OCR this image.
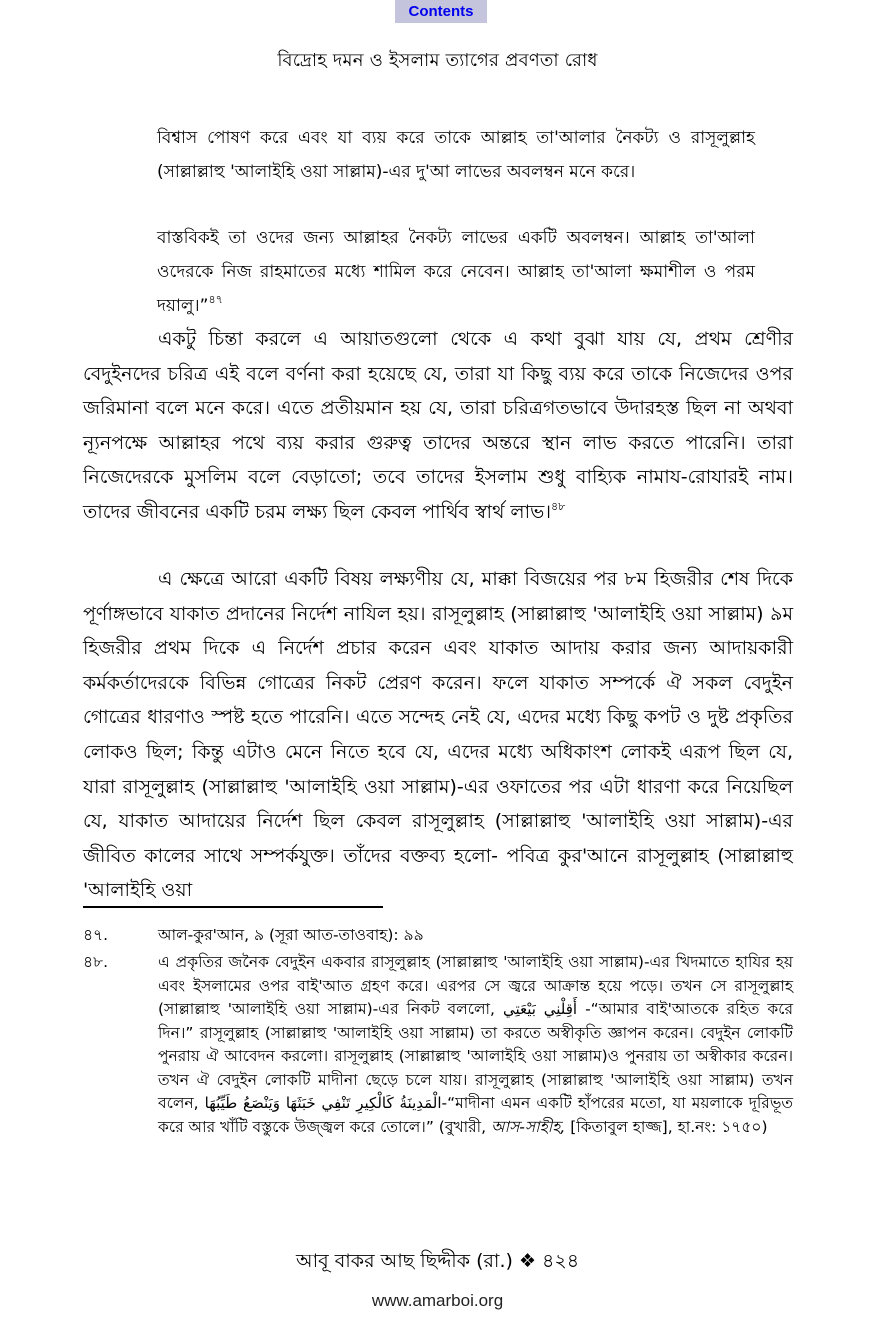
Contents
বিদ্রোহ দমন ও ইসলাম ত্যাগের প্রবণতা রোধ

বিশ্বাস পোষণ করে এবং যা ব্যয় করে তাকে আল্লাহ তা'আলার নৈকট্য ও রাসূলুল্লাহ (সাল্লাল্লাহু 'আলাইহি ওয়া সাল্লাম)-এর দু'আ লাভের অবলম্বন মনে করে।

বাস্তবিকই তা ওদের জন্য আল্লাহর নৈকট্য লাভের একটি অবলম্বন। আল্লাহ তা'আলা ওদেরকে নিজ রাহমাতের মধ্যে শামিল করে নেবেন। আল্লাহ তা'আলা ক্ষমাশীল ও পরম দয়ালু।”$^{৪৭}$

একটু চিন্তা করলে এ আয়াতগুলো থেকে এ কথা বুঝা যায় যে, প্রথম শ্রেণীর বেদুইনদের চরিত্র এই বলে বর্ণনা করা হয়েছে যে, তারা যা কিছু ব্যয় করে তাকে নিজেদের ওপর জরিমানা বলে মনে করে। এতে প্রতীয়মান হয় যে, তারা চরিত্রগতভাবে উদারহস্ত ছিল না অথবা ন্যূনপক্ষে আল্লাহর পথে ব্যয় করার গুরুত্ব তাদের অন্তরে স্থান লাভ করতে পারেনি। তারা নিজেদেরকে মুসলিম বলে বেড়াতো; তবে তাদের ইসলাম শুধু বাহ্যিক নামায-রোযারই নাম। তাদের জীবনের একটি চরম লক্ষ্য ছিল কেবল পার্থিব স্বার্থ লাভ।$^{৪৮}$

এ ক্ষেত্রে আরো একটি বিষয় লক্ষ্যণীয় যে, মাক্কা বিজয়ের পর ৮ম হিজরীর শেষ দিকে পূর্ণাঙ্গভাবে যাকাত প্রদানের নির্দেশ নাযিল হয়। রাসূলুল্লাহ (সাল্লাল্লাহু 'আলাইহি ওয়া সাল্লাম) ৯ম হিজরীর প্রথম দিকে এ নির্দেশ প্রচার করেন এবং যাকাত আদায় করার জন্য আদায়কারী কর্মকর্তাদেরকে বিভিন্ন গোত্রের নিকট প্রেরণ করেন। ফলে যাকাত সম্পর্কে ঐ সকল বেদুইন গোত্রের ধারণাও স্পষ্ট হতে পারেনি। এতে সন্দেহ নেই যে, এদের মধ্যে কিছু কপট ও দুষ্ট প্রকৃতির লোকও ছিল; কিন্তু এটাও মেনে নিতে হবে যে, এদের মধ্যে অধিকাংশ লোকই এরূপ ছিল যে, যারা রাসূলুল্লাহ (সাল্লাল্লাহু 'আলাইহি ওয়া সাল্লাম)-এর ওফাতের পর এটা ধারণা করে নিয়েছিল যে, যাকাত আদায়ের নির্দেশ ছিল কেবল রাসূলুল্লাহ (সাল্লাল্লাহু 'আলাইহি ওয়া সাল্লাম)-এর জীবিত কালের সাথে সম্পর্কযুক্ত। তাঁদের বক্তব্য হলো- পবিত্র কুর'আনে রাসূলুল্লাহ (সাল্লাল্লাহু 'আলাইহি ওয়া

৪৭.	আল-কুর'আন, ৯ (সূরা আত-তাওবাহ): ৯৯
৪৮.	এ প্রকৃতির জনৈক বেদুইন একবার রাসূলুল্লাহ (সাল্লাল্লাহু 'আলাইহি ওয়া সাল্লাম)-এর খিদমাতে হাযির হয় এবং ইসলামের ওপর বাই'আত গ্রহণ করে। এরপর সে জ্বরে আক্রান্ত হয়ে পড়ে। তখন সে রাসূলুল্লাহ (সাল্লাল্লাহু 'আলাইহি ওয়া সাল্লাম)-এর নিকট বললো, أَقِلْنِي بَيْعَتِي -“আমার বাই'আতকে রহিত করে দিন।” রাসূলুল্লাহ (সাল্লাল্লাহু 'আলাইহি ওয়া সাল্লাম) তা করতে অস্বীকৃতি জ্ঞাপন করেন। বেদুইন লোকটি পুনরায় ঐ আবেদন করলো। রাসূলুল্লাহ (সাল্লাল্লাহু 'আলাইহি ওয়া সাল্লাম)ও পুনরায় তা অস্বীকার করেন। তখন ঐ বেদুইন লোকটি মাদীনা ছেড়ে চলে যায়। রাসূলুল্লাহ (সাল্লাল্লাহু 'আলাইহি ওয়া সাল্লাম) তখন বলেন, الْمَدِينَةُ كَالْكِيرِ تَنْفِي خَبَثَهَا وَيَنْصَعُ طَيِّبُهَا-“মাদীনা এমন একটি হাঁপরের মতো, যা ময়লাকে দূরিভূত করে আর খাঁটি বস্তুকে উজ্জ্বল করে তোলে।” (বুখারী, আস-সাহীহ, [কিতাবুল হাজ্জ], হা.নং: ১৭৫০)
আবূ বাকর আছ ছিদ্দীক (রা.) ❖ ৪২৪
www.amarboi.org
